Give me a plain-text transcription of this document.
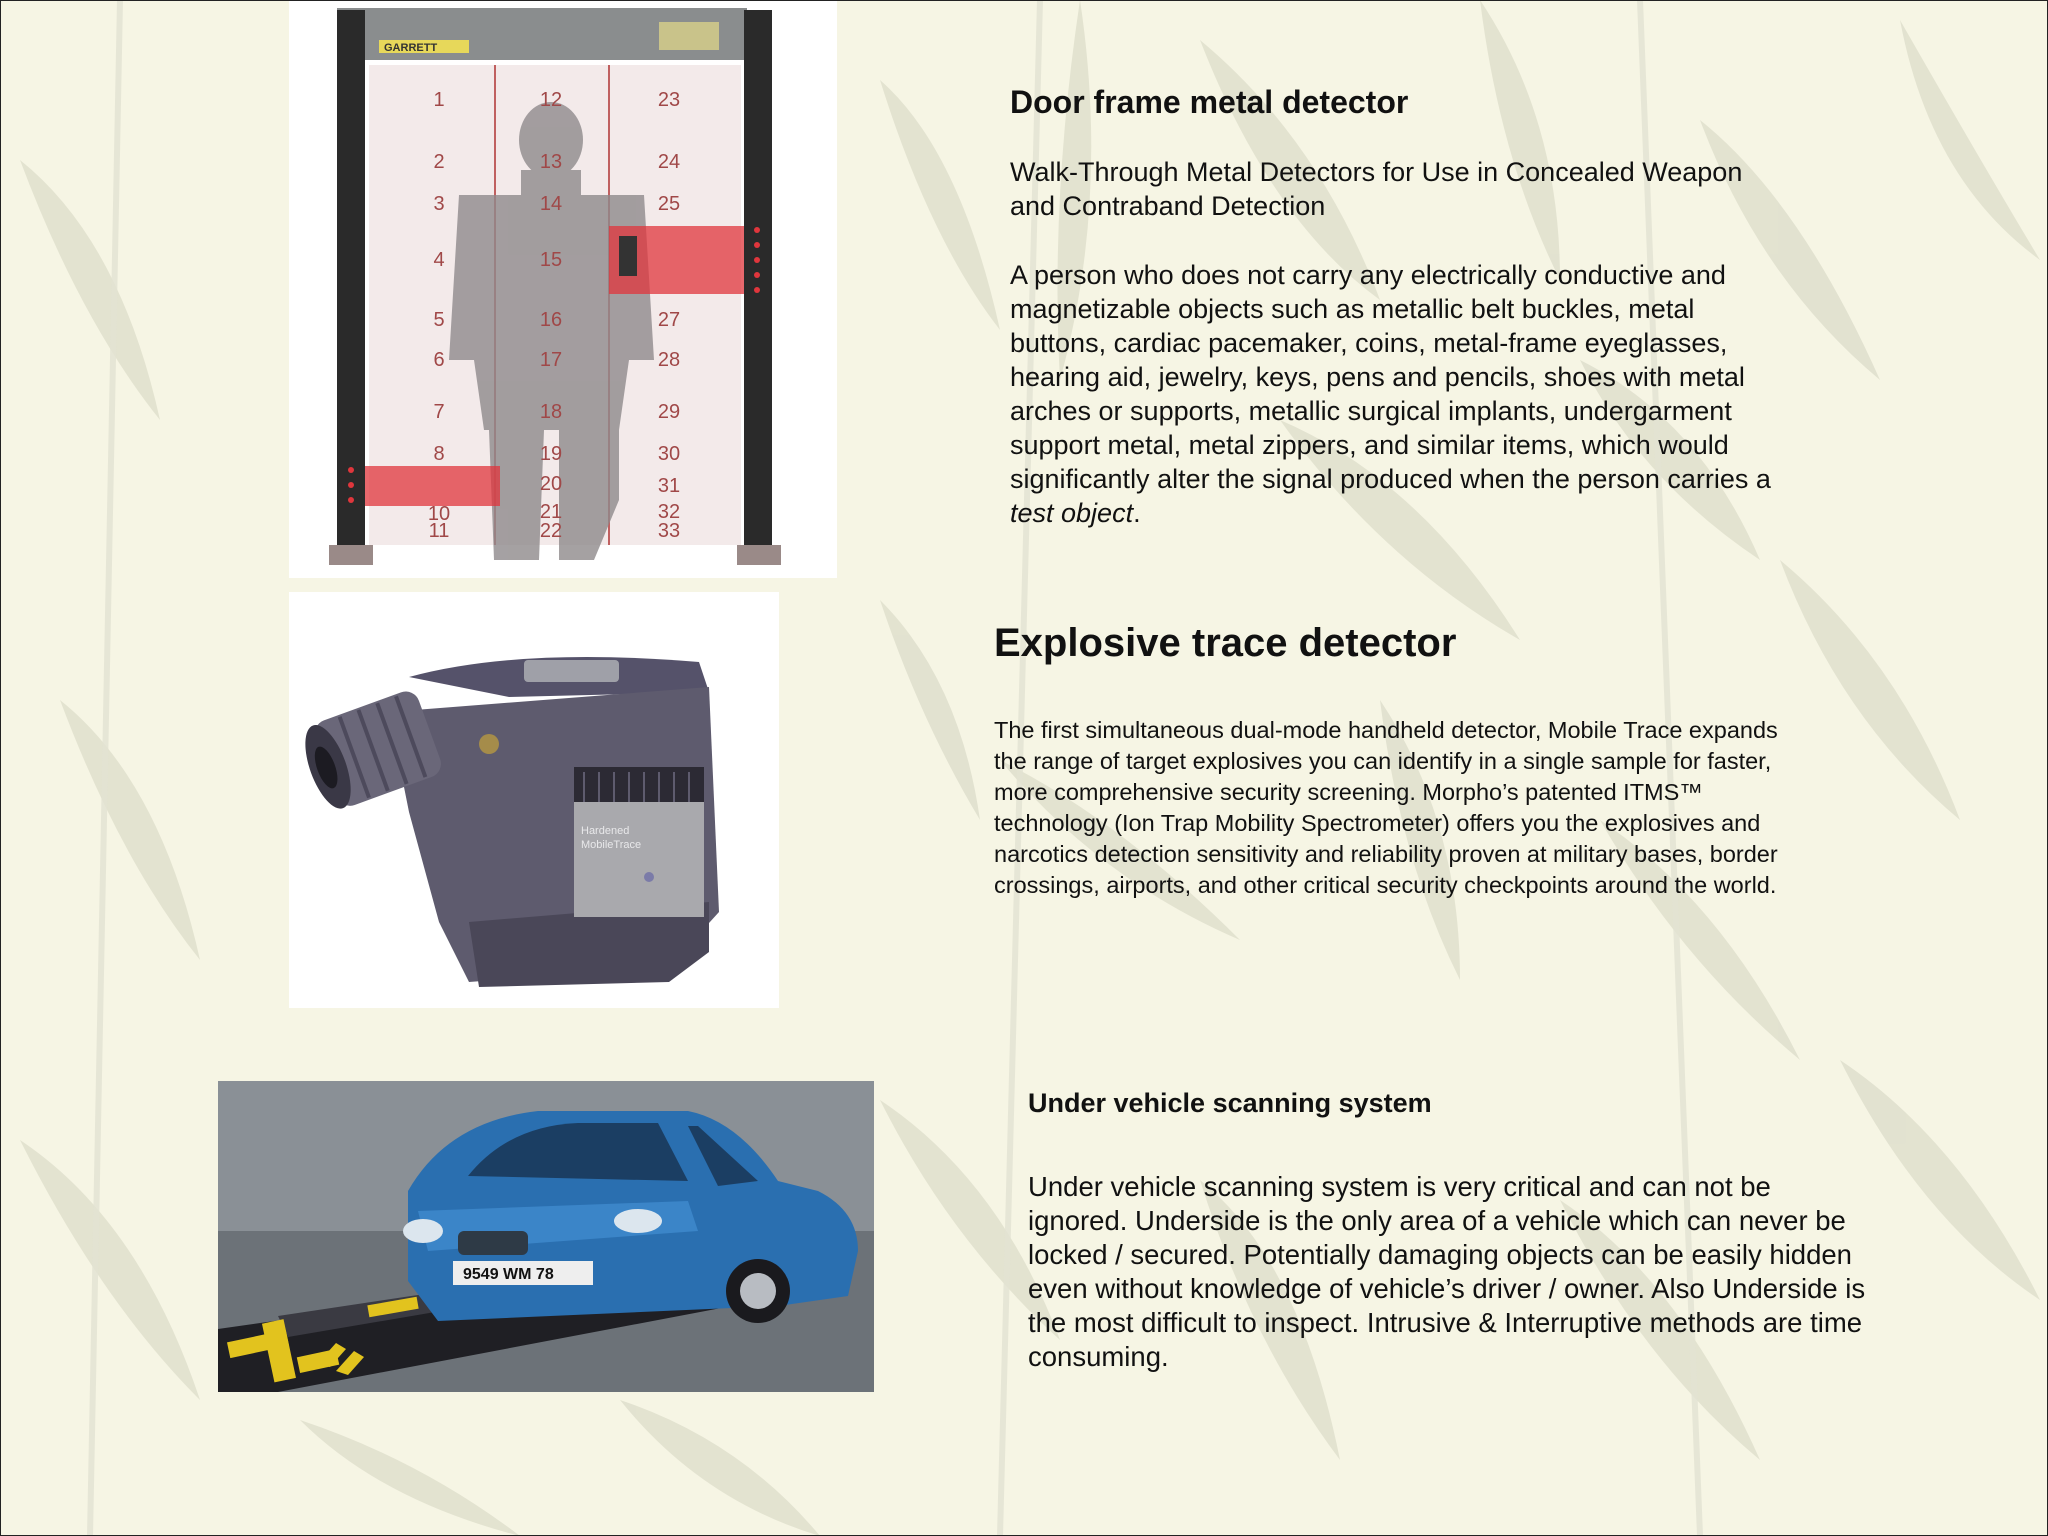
GARRETT
1
2
3
4
5
6
7
8
10
11
12
13
14
15
16
17
18
19
20
21
22
23
24
25
27
28
29
30
31
32
33
Hardened
MobileTrace
9549 WM 78
Door frame metal detector
Walk-Through Metal Detectors for Use in Concealed Weapon
and Contraband Detection
A person who does not carry any electrically conductive and
magnetizable objects such as metallic belt buckles, metal
buttons, cardiac pacemaker, coins, metal-frame eyeglasses,
hearing aid, jewelry, keys, pens and pencils, shoes with metal
arches or supports, metallic surgical implants, undergarment
support metal, metal zippers, and similar items, which would
significantly alter the signal produced when the person carries a
test object.
Explosive trace detector
The first simultaneous dual-mode handheld detector, Mobile Trace expands
the range of target explosives you can identify in a single sample for faster,
more comprehensive security screening. Morpho’s patented ITMS™
technology (Ion Trap Mobility Spectrometer) offers you the explosives and
narcotics detection sensitivity and reliability proven at military bases, border
crossings, airports, and other critical security checkpoints around the world.
Under vehicle scanning system
Under vehicle scanning system is very critical and can not be
ignored. Underside is the only area of a vehicle which can never be
locked / secured. Potentially damaging objects can be easily hidden
even without knowledge of vehicle’s driver / owner. Also Underside is
the most difficult to inspect. Intrusive & Interruptive methods are time
consuming.
